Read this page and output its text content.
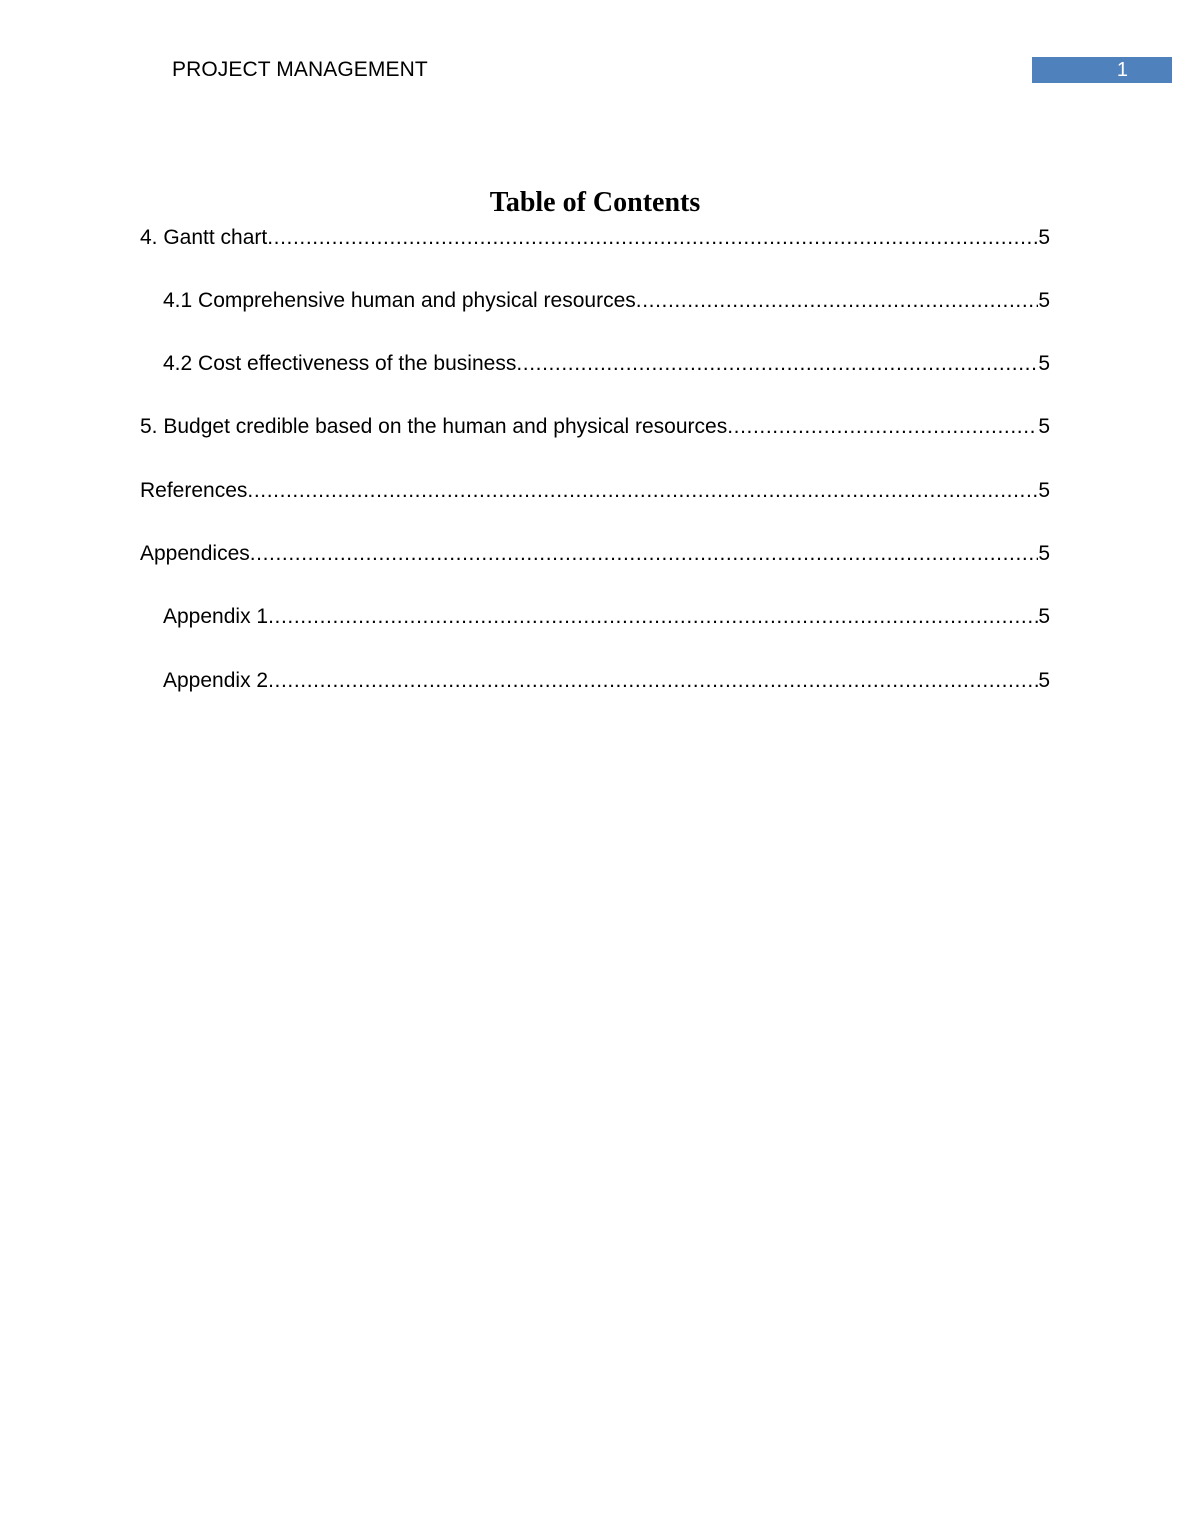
PROJECT MANAGEMENT	1
Table of Contents
4. Gantt chart .....	5
4.1 Comprehensive human and physical resources .....	5
4.2 Cost effectiveness of the business .....	5
5. Budget credible based on the human and physical resources .....	5
References .....	5
Appendices .....	5
Appendix 1 .....	5
Appendix 2 .....	5
